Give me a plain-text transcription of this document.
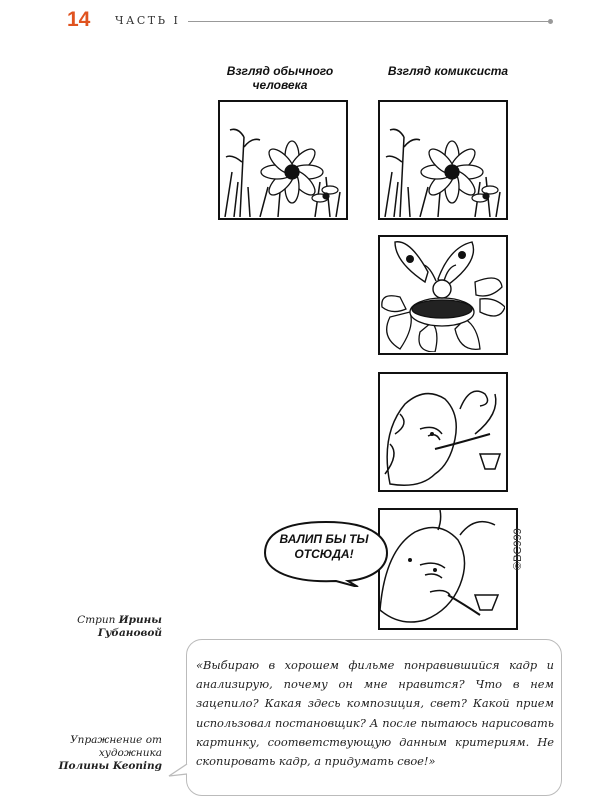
14 ЧАСТЬ I
Взгляд обычного человека
Взгляд комиксиста
ВАЛИП БЫ ТЫ ОТСЮДА!	©BC999
Стрип Ирины Губановой
Упражнение от художника
Полины Keoning
«Выбираю в хорошем фильме понравившийся кадр и анализирую, почему он мне нравится? Что в нем зацепило? Какая здесь композиция, свет? Какой прием использовал постановщик? А после пытаюсь нарисовать картинку, соответствующую данным критериям. Не скопировать кадр, а придумать свое!»
